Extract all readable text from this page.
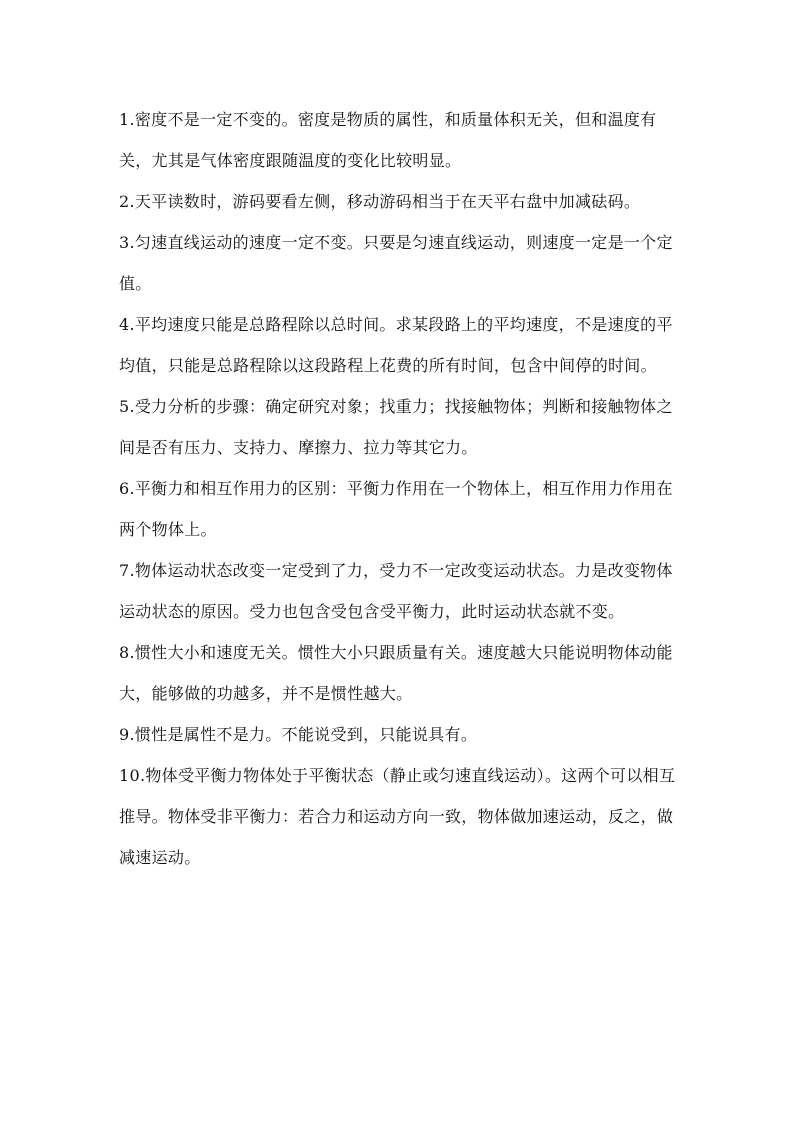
1.密度不是一定不变的。密度是物质的属性，和质量体积无关，但和温度有关，尤其是气体密度跟随温度的变化比较明显。

2.天平读数时，游码要看左侧，移动游码相当于在天平右盘中加减砝码。

3.匀速直线运动的速度一定不变。只要是匀速直线运动，则速度一定是一个定值。

4.平均速度只能是总路程除以总时间。求某段路上的平均速度，不是速度的平均值，只能是总路程除以这段路程上花费的所有时间，包含中间停的时间。

5.受力分析的步骤：确定研究对象；找重力；找接触物体；判断和接触物体之间是否有压力、支持力、摩擦力、拉力等其它力。

6.平衡力和相互作用力的区别：平衡力作用在一个物体上，相互作用力作用在两个物体上。

7.物体运动状态改变一定受到了力，受力不一定改变运动状态。力是改变物体运动状态的原因。受力也包含受包含受平衡力，此时运动状态就不变。

8.惯性大小和速度无关。惯性大小只跟质量有关。速度越大只能说明物体动能大，能够做的功越多，并不是惯性越大。

9.惯性是属性不是力。不能说受到，只能说具有。

10.物体受平衡力物体处于平衡状态（静止或匀速直线运动）。这两个可以相互推导。物体受非平衡力：若合力和运动方向一致，物体做加速运动，反之，做减速运动。
